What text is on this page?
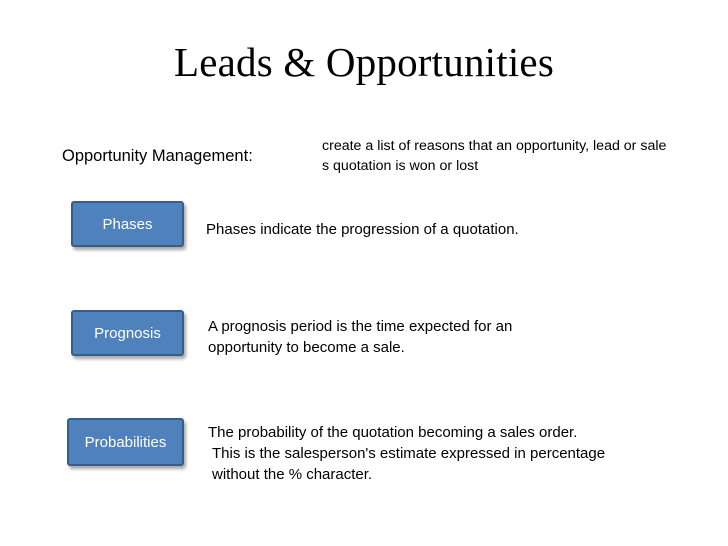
Leads & Opportunities
Opportunity Management:
create a list of reasons that an opportunity, lead or sales quotation is won or lost
Phases	Phases indicate the progression of a quotation.
Prognosis	A prognosis period is the time expected for an opportunity to become a sale.
Probabilities
The probability of the quotation becoming a sales order.
This is the salesperson's estimate expressed in percentage
without the % character.
